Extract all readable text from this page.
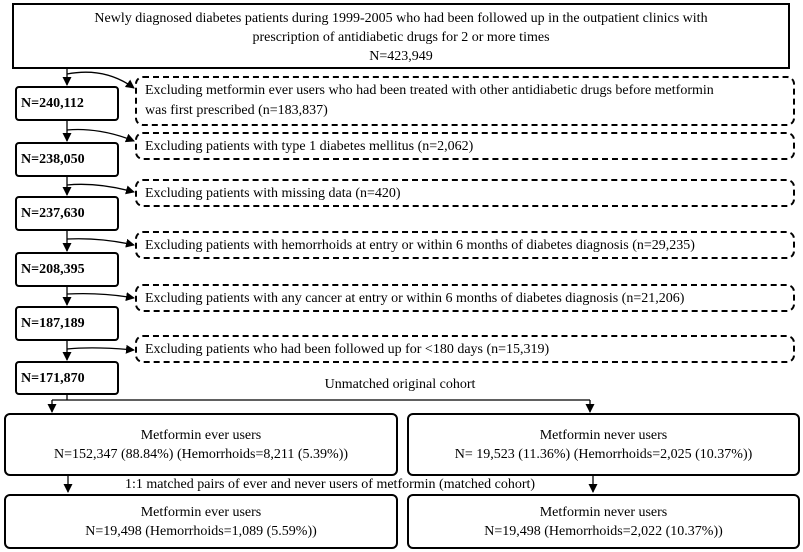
Newly diagnosed diabetes patients during 1999-2005 who had been followed up in the outpatient clinics with
prescription of antidiabetic drugs for 2 or more times
N=423,949
N=240,112
N=238,050
N=237,630
N=208,395
N=187,189
N=171,870
Excluding metformin ever users who had been treated with other antidiabetic drugs before metformin was first prescribed (n=183,837)
Excluding patients with type 1 diabetes mellitus (n=2,062)
Excluding patients with missing data (n=420)
Excluding patients with hemorrhoids at entry or within 6 months of diabetes diagnosis (n=29,235)
Excluding patients with any cancer at entry or within 6 months of diabetes diagnosis (n=21,206)
Excluding patients who had been followed up for <180 days (n=15,319)
Unmatched original cohort
Metformin ever users
N=152,347 (88.84%) (Hemorrhoids=8,211 (5.39%))
Metformin never users
N= 19,523 (11.36%) (Hemorrhoids=2,025 (10.37%))
1:1 matched pairs of ever and never users of metformin (matched cohort)
Metformin ever users
N=19,498 (Hemorrhoids=1,089 (5.59%))
Metformin never users
N=19,498 (Hemorrhoids=2,022 (10.37%))
